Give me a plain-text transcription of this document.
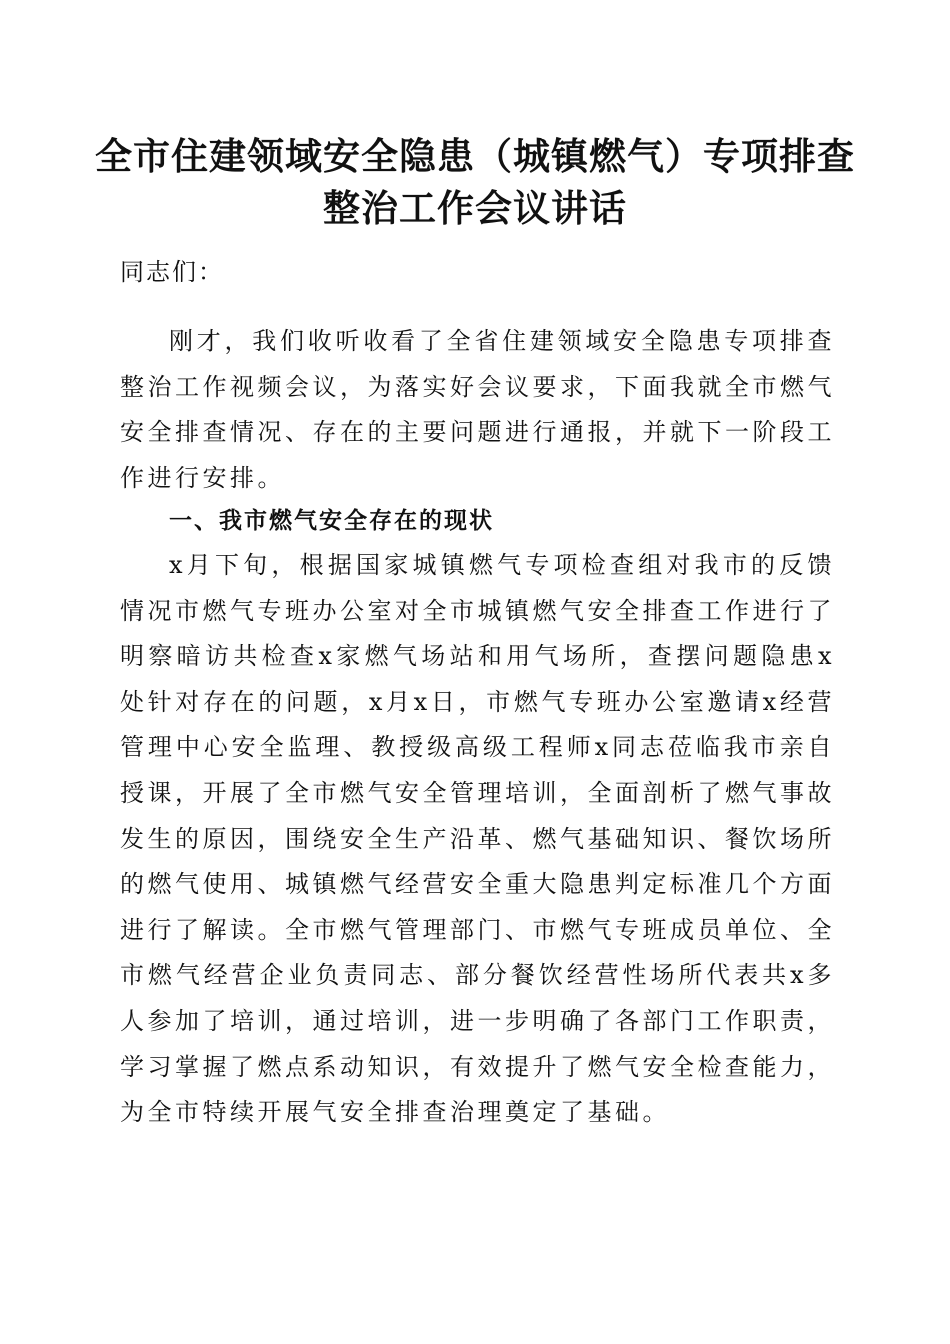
全市住建领域安全隐患（城镇燃气）专项排查
整治工作会议讲话

同志们：

刚才，我们收听收看了全省住建领域安全隐患专项排查整治工作视频会议，为落实好会议要求，下面我就全市燃气安全排查情况、存在的主要问题进行通报，并就下一阶段工作进行安排。

一、我市燃气安全存在的现状

x月下旬，根据国家城镇燃气专项检查组对我市的反馈情况市燃气专班办公室对全市城镇燃气安全排查工作进行了明察暗访共检查x家燃气场站和用气场所，查摆问题隐患x处针对存在的问题，x月x日，市燃气专班办公室邀请x经营管理中心安全监理、教授级高级工程师x同志莅临我市亲自授课，开展了全市燃气安全管理培训，全面剖析了燃气事故发生的原因，围绕安全生产沿革、燃气基础知识、餐饮场所的燃气使用、城镇燃气经营安全重大隐患判定标准几个方面进行了解读。全市燃气管理部门、市燃气专班成员单位、全市燃气经营企业负责同志、部分餐饮经营性场所代表共x多人参加了培训，通过培训，进一步明确了各部门工作职责，学习掌握了燃点系动知识，有效提升了燃气安全检查能力，为全市特续开展气安全排查治理奠定了基础。
